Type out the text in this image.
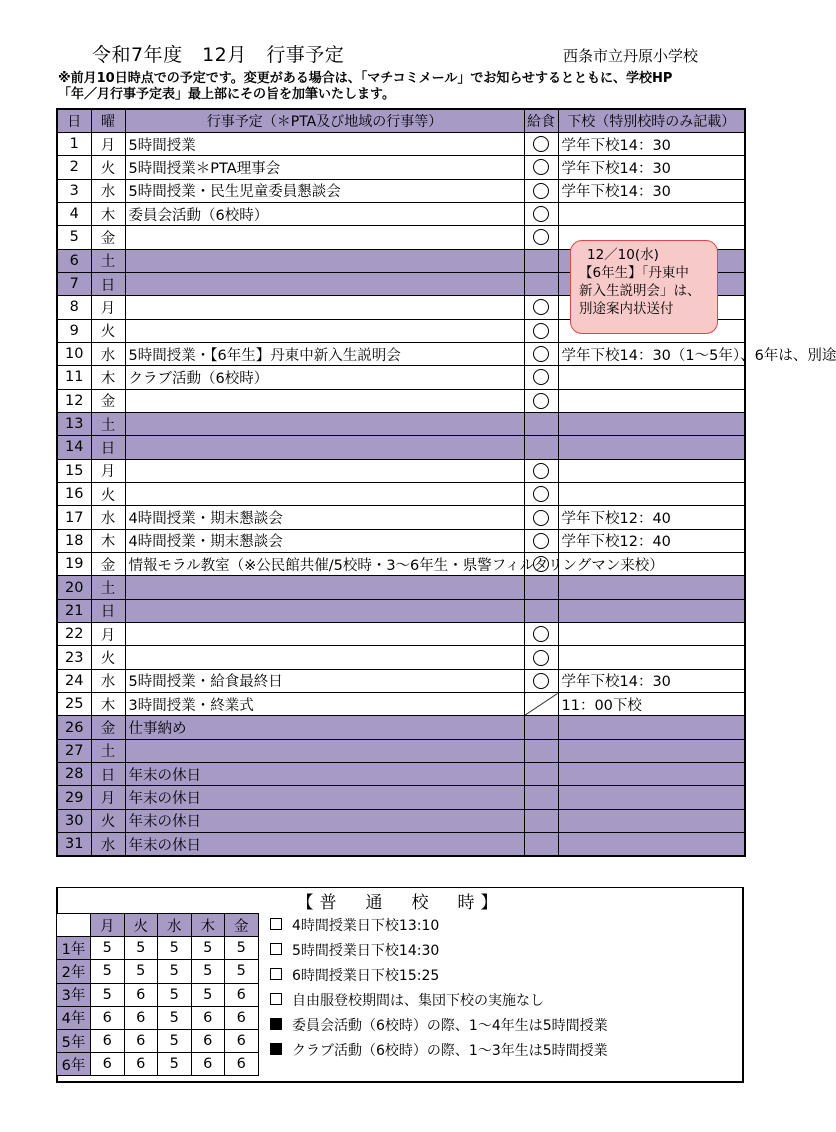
令和7年度　12月　行事予定	西条市立丹原小学校
※前月10日時点での予定です。変更がある場合は、「マチコミメール」でお知らせするとともに、学校HP
「年／月行事予定表」最上部にその旨を加筆いたします。
日	曜	行事予定（＊PTA及び地域の行事等）	給食	下校（特別校時のみ記載）
1	月	5時間授業		学年下校14：30
2	火	5時間授業＊PTA理事会		学年下校14：30
3	水	5時間授業・民生児童委員懇談会		学年下校14：30
4	木	委員会活動（6校時）		
5	金			
6	土			
7	日			
8	月			
9	火			
10	水	5時間授業・【6年生】丹東中新入生説明会		学年下校14：30（1～5年）、6年は、別途
11	木	クラブ活動（6校時）		
12	金			
13	土			
14	日			
15	月			
16	火			
17	水	4時間授業・期末懇談会		学年下校12：40
18	木	4時間授業・期末懇談会		学年下校12：40
19	金	情報モラル教室（※公民館共催/5校時・3～6年生・県警フィルタリングマン来校）		
20	土			
21	日			
22	月			
23	火			
24	水	5時間授業・給食最終日		学年下校14：30
25	木	3時間授業・終業式		11：00下校
26	金	仕事納め		
27	土			
28	日	年末の休日		
29	月	年末の休日		
30	火	年末の休日		
31	水	年末の休日		
12／10(水)
【6年生】「丹東中
新入生説明会」は、
別途案内状送付
【普　通　校　時】
	月	火	水	木	金
1年	5	5	5	5	5
2年	5	5	5	5	5
3年	5	6	5	5	6
4年	6	6	5	6	6
5年	6	6	5	6	6
6年	6	6	5	6	6
4時間授業日下校13:10
5時間授業日下校14:30
6時間授業日下校15:25
自由服登校期間は、集団下校の実施なし
委員会活動（6校時）の際、1～4年生は5時間授業
クラブ活動（6校時）の際、1～3年生は5時間授業
